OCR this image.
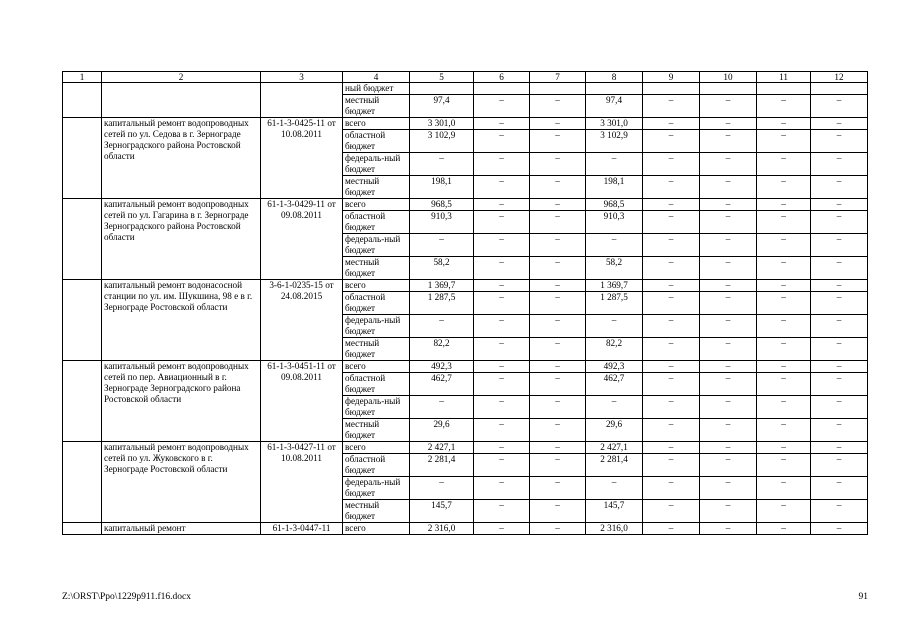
1	2	3	4	5	6	7	8	9	10	11	12
			ный бюджет								
			местный бюджет	97,4	–	–	97,4	–	–	–	–
	капитальный ремонт водопроводных сетей по ул. Седова в г. Зернограде Зерноградского района Ростовской области	61-1-3-0425-11 от 10.08.2011	всего	3 301,0	–	–	3 301,0	–	–	–	–
			областной бюджет	3 102,9	–	–	3 102,9	–	–	–	–
			федераль-ный бюджет	–	–	–	–	–	–	–	–
			местный бюджет	198,1	–	–	198,1	–	–	–	–
	капитальный ремонт водопроводных сетей по ул. Гагарина в г. Зернограде Зерноградского района Ростовской области	61-1-3-0429-11 от 09.08.2011	всего	968,5	–	–	968,5	–	–	–	–
			областной бюджет	910,3	–	–	910,3	–	–	–	–
			федераль-ный бюджет	–	–	–	–	–	–	–	–
			местный бюджет	58,2	–	–	58,2	–	–	–	–
	капитальный ремонт водонасосной станции по ул. им. Шукшина, 98 е в г. Зернограде Ростовской области	3-6-1-0235-15 от 24.08.2015	всего	1 369,7	–	–	1 369,7	–	–	–	–
			областной бюджет	1 287,5	–	–	1 287,5	–	–	–	–
			федераль-ный бюджет	–	–	–	–	–	–	–	–
			местный бюджет	82,2	–	–	82,2	–	–	–	–
	капитальный ремонт водопроводных сетей по пер. Авиационный в г. Зернограде Зерноградского района Ростовской области	61-1-3-0451-11 от 09.08.2011	всего	492,3	–	–	492,3	–	–	–	–
			областной бюджет	462,7	–	–	462,7	–	–	–	–
			федераль-ный бюджет	–	–	–	–	–	–	–	–
			местный бюджет	29,6	–	–	29,6	–	–	–	–
	капитальный ремонт водопроводных сетей по ул. Жуковского в г. Зернограде Ростовской области	61-1-3-0427-11 от 10.08.2011	всего	2 427,1	–	–	2 427,1	–	–	–	–
			областной бюджет	2 281,4	–	–	2 281,4	–	–	–	–
			федераль-ный бюджет	–	–	–	–	–	–	–	–
			местный бюджет	145,7	–	–	145,7	–	–	–	–
	капитальный ремонт	61-1-3-0447-11	всего	2 316,0	–	–	2 316,0	–	–	–	–
Z:\ORST\Ppo\1229p911.f16.docx	91
